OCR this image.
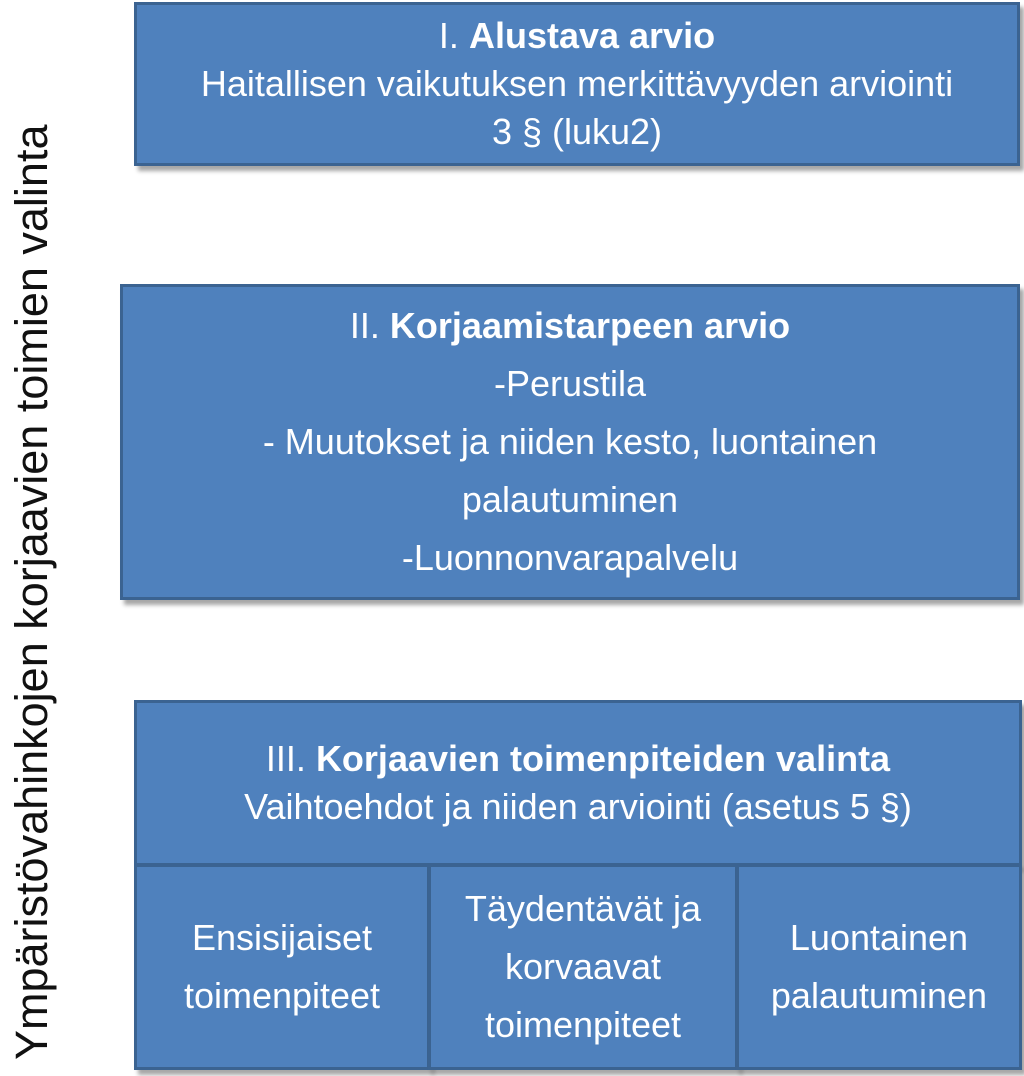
Ympäristövahinkojen korjaavien toimien valinta
I. Alustava arvio
Haitallisen vaikutuksen merkittävyyden arviointi
3 § (luku2)
II. Korjaamistarpeen arvio
-Perustila
- Muutokset ja niiden kesto, luontainen
palautuminen
-Luonnonvarapalvelu
III. Korjaavien toimenpiteiden valinta
Vaihtoehdot ja niiden arviointi (asetus 5 §)
Ensisijaiset
toimenpiteet
Täydentävät ja
korvaavat
toimenpiteet
Luontainen
palautuminen
